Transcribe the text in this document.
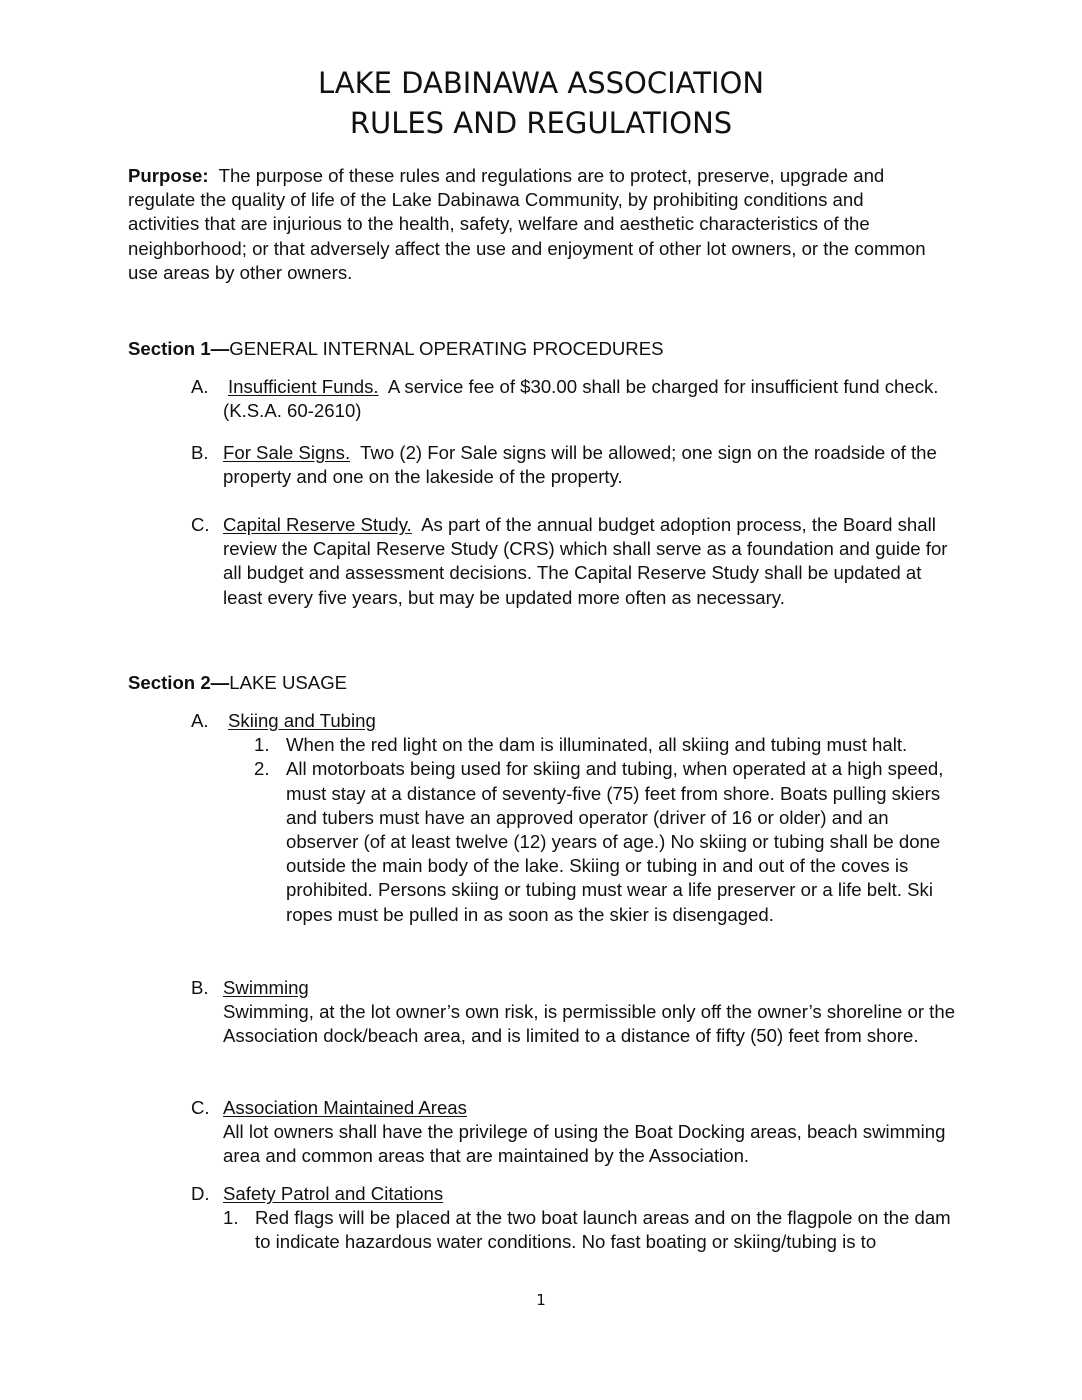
LAKE DABINAWA ASSOCIATION
RULES AND REGULATIONS
Purpose: The purpose of these rules and regulations are to protect, preserve, upgrade and regulate the quality of life of the Lake Dabinawa Community, by prohibiting conditions and activities that are injurious to the health, safety, welfare and aesthetic characteristics of the neighborhood; or that adversely affect the use and enjoyment of other lot owners, or the common use areas by other owners.
Section 1—GENERAL INTERNAL OPERATING PROCEDURES
A.	Insufficient Funds. A service fee of $30.00 shall be charged for insufficient fund check. (K.S.A. 60-2610)
B. For Sale Signs. Two (2) For Sale signs will be allowed; one sign on the roadside of the property and one on the lakeside of the property.
C. Capital Reserve Study. As part of the annual budget adoption process, the Board shall review the Capital Reserve Study (CRS) which shall serve as a foundation and guide for all budget and assessment decisions. The Capital Reserve Study shall be updated at least every five years, but may be updated more often as necessary.
Section 2—LAKE USAGE
A.	Skiing and Tubing
1. When the red light on the dam is illuminated, all skiing and tubing must halt.
2. All motorboats being used for skiing and tubing, when operated at a high speed, must stay at a distance of seventy-five (75) feet from shore. Boats pulling skiers and tubers must have an approved operator (driver of 16 or older) and an observer (of at least twelve (12) years of age.) No skiing or tubing shall be done outside the main body of the lake. Skiing or tubing in and out of the coves is prohibited. Persons skiing or tubing must wear a life preserver or a life belt. Ski ropes must be pulled in as soon as the skier is disengaged.
B. Swimming
Swimming, at the lot owner’s own risk, is permissible only off the owner’s shoreline or the Association dock/beach area, and is limited to a distance of fifty (50) feet from shore.
C. Association Maintained Areas
All lot owners shall have the privilege of using the Boat Docking areas, beach swimming area and common areas that are maintained by the Association.
D. Safety Patrol and Citations
1. Red flags will be placed at the two boat launch areas and on the flagpole on the dam to indicate hazardous water conditions. No fast boating or skiing/tubing is to
1
